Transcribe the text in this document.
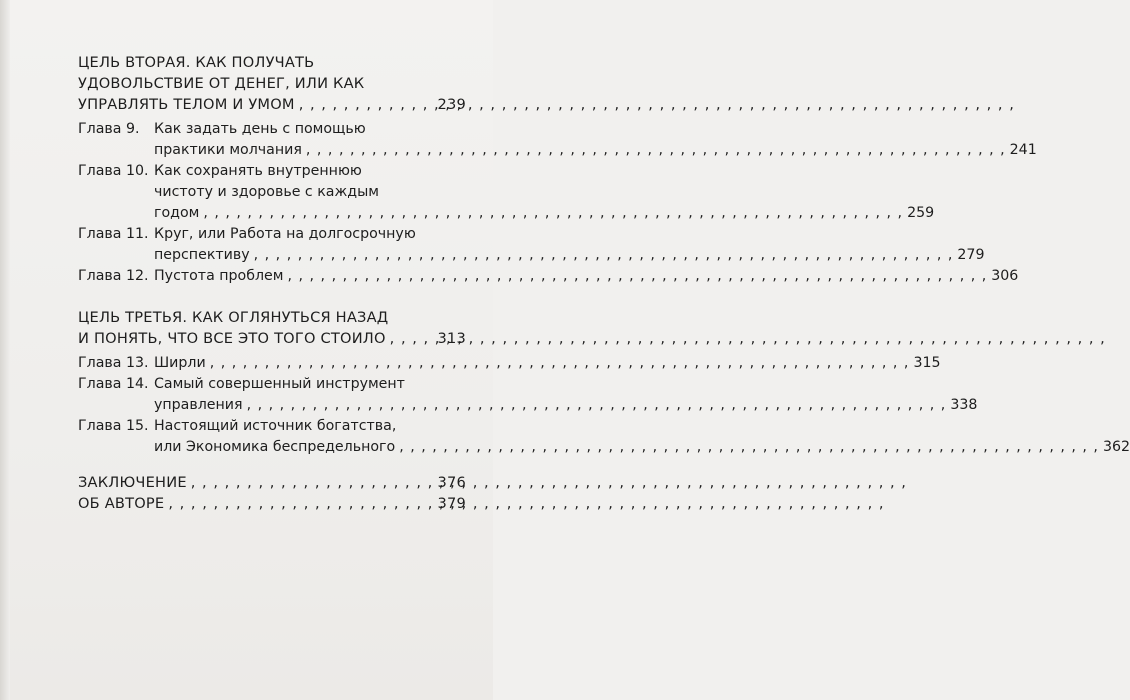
ЦЕЛЬ ВТОРАЯ. КАК ПОЛУЧАТЬ
УДОВОЛЬСТВИЕ ОТ ДЕНЕГ, ИЛИ КАК
УПРАВЛЯТЬ ТЕЛОМ И УМОМ , , , , , , , , , , , , , , , , , , , , , , , , , , , , , , , , , , , , , , , , , , , , , , , , , , , , , , , , , , , , , , , ,	239
Глава 9.	Как задать день с помощью
практики молчания , , , , , , , , , , , , , , , , , , , , , , , , , , , , , , , , , , , , , , , , , , , , , , , , , , , , , , , , , , , , , , , ,	241
Глава 10. Как сохранять внутреннюю
чистоту и здоровье с каждым
годом , , , , , , , , , , , , , , , , , , , , , , , , , , , , , , , , , , , , , , , , , , , , , , , , , , , , , , , , , , , , , , , ,	259
Глава 11. Круг, или Работа на долгосрочную
перспективу , , , , , , , , , , , , , , , , , , , , , , , , , , , , , , , , , , , , , , , , , , , , , , , , , , , , , , , , , , , , , , , ,	279
Глава 12. Пустота проблем , , , , , , , , , , , , , , , , , , , , , , , , , , , , , , , , , , , , , , , , , , , , , , , , , , , , , , , , , , , , , , , ,	306
ЦЕЛЬ ТРЕТЬЯ. КАК ОГЛЯНУТЬСЯ НАЗАД
И ПОНЯТЬ, ЧТО ВСЕ ЭТО ТОГО СТОИЛО , , , , , , , , , , , , , , , , , , , , , , , , , , , , , , , , , , , , , , , , , , , , , , , , , , , , , , , , , , , , , , , ,	313
Глава 13. Ширли , , , , , , , , , , , , , , , , , , , , , , , , , , , , , , , , , , , , , , , , , , , , , , , , , , , , , , , , , , , , , , , ,	315
Глава 14. Самый совершенный инструмент
управления , , , , , , , , , , , , , , , , , , , , , , , , , , , , , , , , , , , , , , , , , , , , , , , , , , , , , , , , , , , , , , , ,	338
Глава 15. Настоящий источник богатства,
или Экономика беспредельного , , , , , , , , , , , , , , , , , , , , , , , , , , , , , , , , , , , , , , , , , , , , , , , , , , , , , , , , , , , , , , , ,	362
ЗАКЛЮЧЕНИЕ , , , , , , , , , , , , , , , , , , , , , , , , , , , , , , , , , , , , , , , , , , , , , , , , , , , , , , , , , , , , , , , ,	376
ОБ АВТОРЕ , , , , , , , , , , , , , , , , , , , , , , , , , , , , , , , , , , , , , , , , , , , , , , , , , , , , , , , , , , , , , , , ,	379
